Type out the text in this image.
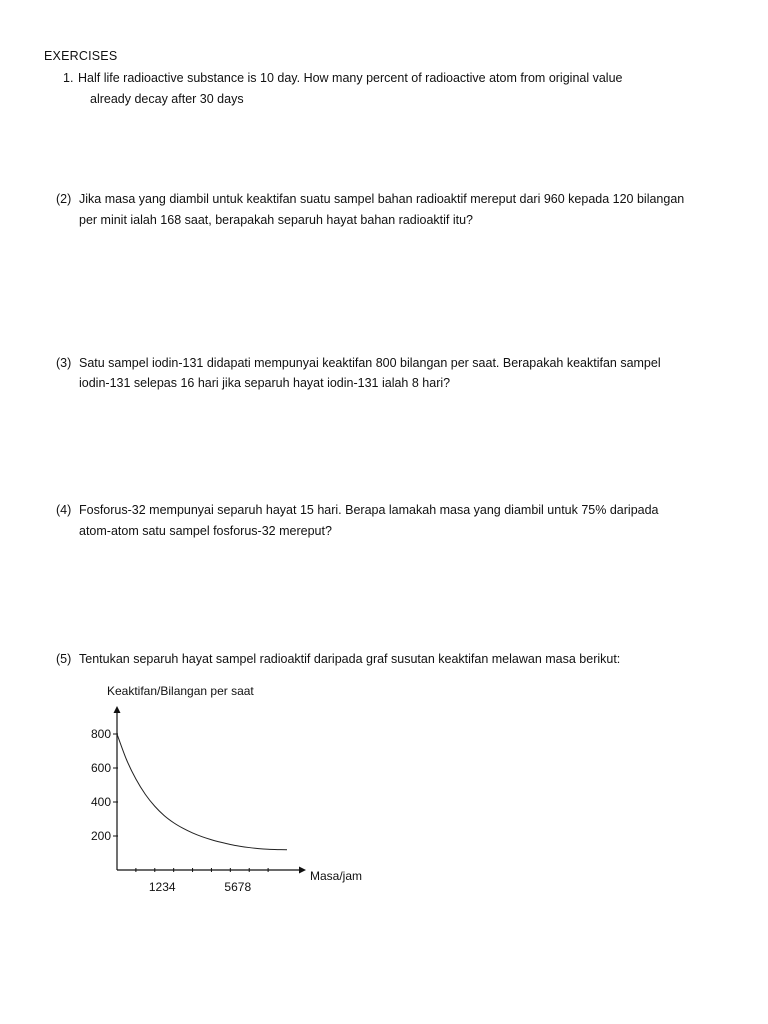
EXERCISES
1. Half life radioactive substance is 10 day. How many percent of radioactive atom from original value
already decay after 30 days
(2) Jika masa yang diambil untuk keaktifan suatu sampel bahan radioaktif mereput dari 960 kepada 120 bilangan
per minit ialah 168 saat, berapakah separuh hayat bahan radioaktif itu?
(3) Satu sampel iodin-131 didapati mempunyai keaktifan 800 bilangan per saat. Berapakah keaktifan sampel
iodin-131 selepas 16 hari jika separuh hayat iodin-131 ialah 8 hari?
(4) Fosforus-32 mempunyai separuh hayat 15 hari. Berapa lamakah masa yang diambil untuk 75% daripada
atom-atom satu sampel fosforus-32 mereput?
(5) Tentukan separuh hayat sampel radioaktif daripada graf susutan keaktifan melawan masa berikut:
800
600
400
200
1234	5678
Keaktifan/Bilangan per saat
Masa/jam
